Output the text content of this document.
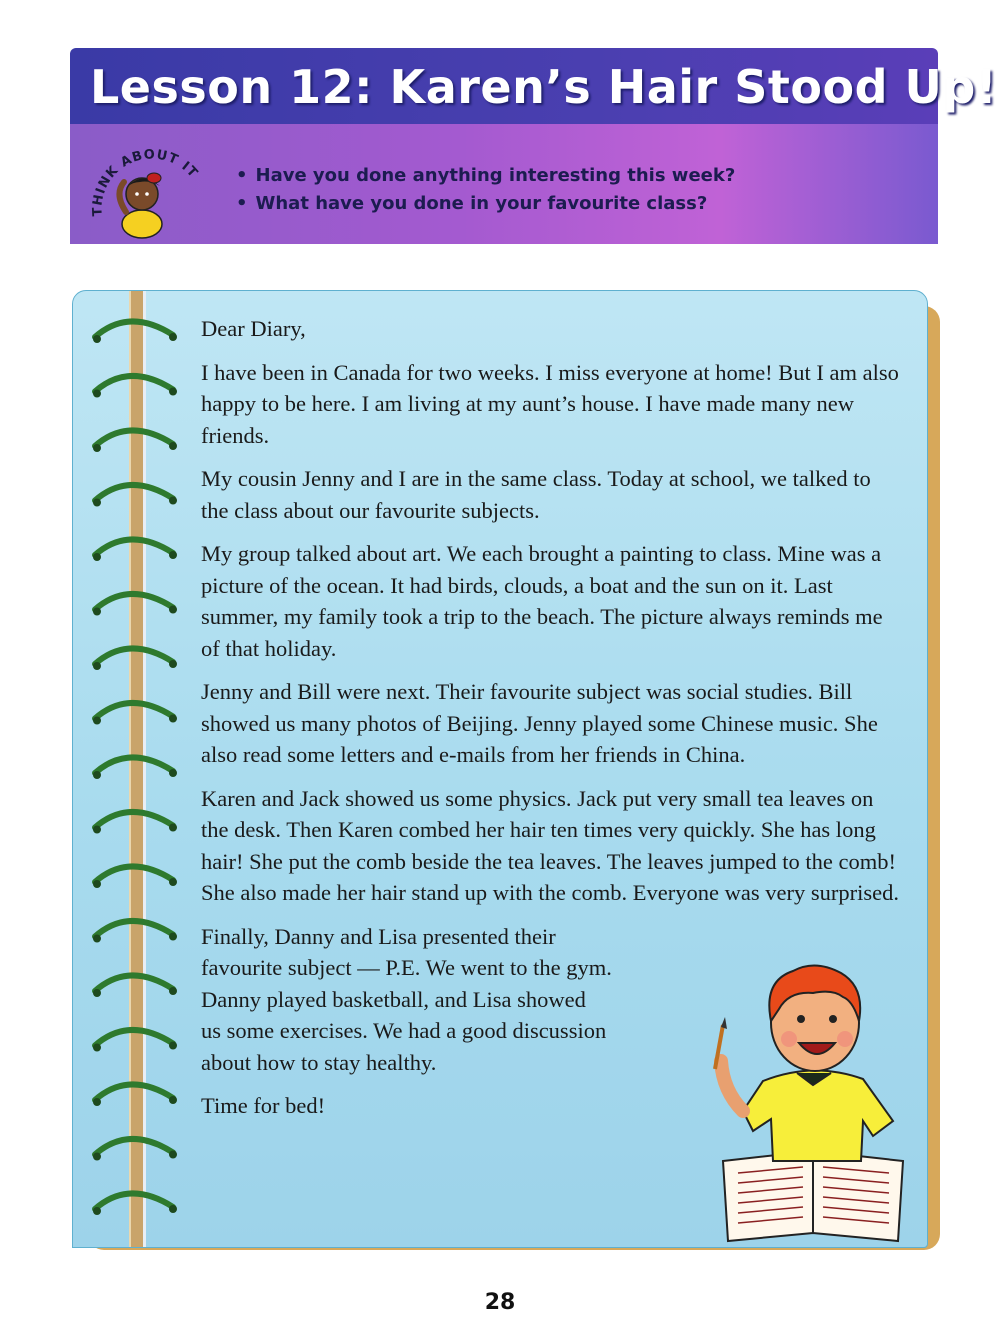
Lesson 12: Karen’s Hair Stood Up!
THINK ABOUT IT
•	Have you done anything interesting this week?
• What have you done in your favourite class?

Dear Diary,

I have been in Canada for two weeks. I miss everyone at home! But I am also happy to be here. I am living at my aunt’s house. I have made many new friends.

My cousin Jenny and I are in the same class. Today at school, we talked to the class about our favourite subjects.

My group talked about art. We each brought a painting to class. Mine was a picture of the ocean. It had birds, clouds, a boat and the sun on it. Last summer, my family took a trip to the beach. The picture always reminds me of that holiday.

Jenny and Bill were next. Their favourite subject was social studies. Bill showed us many photos of Beijing. Jenny played some Chinese music. She also read some letters and e-mails from her friends in China.

Karen and Jack showed us some physics. Jack put very small tea leaves on the desk. Then Karen combed her hair ten times very quickly. She has long hair! She put the comb beside the tea leaves. The leaves jumped to the comb! She also made her hair stand up with the comb. Everyone was very surprised.

Finally, Danny and Lisa presented their
favourite subject — P.E. We went to the gym.
Danny played basketball, and Lisa showed
us some exercises. We had a good discussion
about how to stay healthy.

Time for bed!

28
